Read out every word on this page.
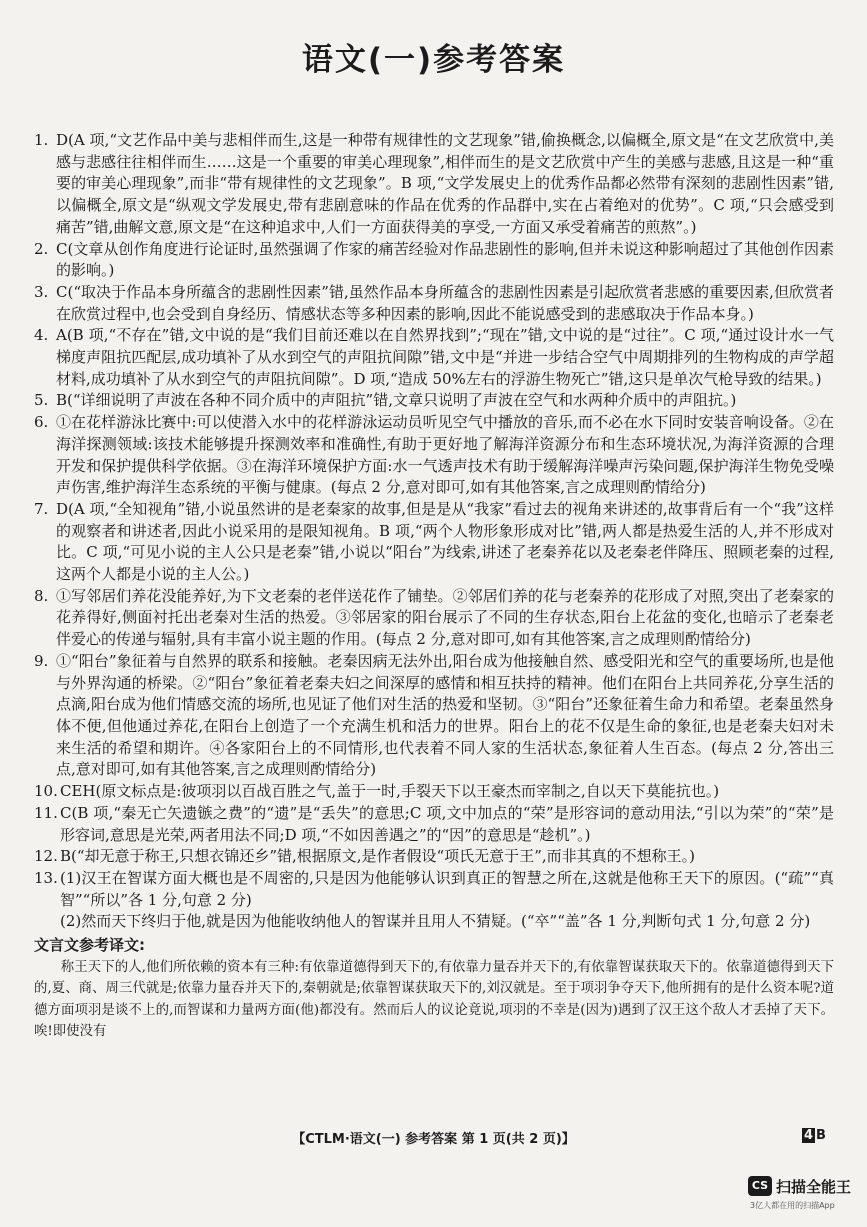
语文(一)参考答案
1. D(A 项,“文艺作品中美与悲相伴而生,这是一种带有规律性的文艺现象”错,偷换概念,以偏概全,原文是“在文艺欣赏中,美感与悲感往往相伴而生……这是一个重要的审美心理现象”,相伴而生的是文艺欣赏中产生的美感与悲感,且这是一种“重要的审美心理现象”,而非“带有规律性的文艺现象”。B 项,“文学发展史上的优秀作品都必然带有深刻的悲剧性因素”错,以偏概全,原文是“纵观文学发展史,带有悲剧意味的作品在优秀的作品群中,实在占着绝对的优势”。C 项,“只会感受到痛苦”错,曲解文意,原文是“在这种追求中,人们一方面获得美的享受,一方面又承受着痛苦的煎熬”。)

2. C(文章从创作角度进行论证时,虽然强调了作家的痛苦经验对作品悲剧性的影响,但并未说这种影响超过了其他创作因素的影响。)

3. C(“取决于作品本身所蕴含的悲剧性因素”错,虽然作品本身所蕴含的悲剧性因素是引起欣赏者悲感的重要因素,但欣赏者在欣赏过程中,也会受到自身经历、情感状态等多种因素的影响,因此不能说感受到的悲感取决于作品本身。)

4. A(B 项,“不存在”错,文中说的是“我们目前还难以在自然界找到”;“现在”错,文中说的是“过往”。C 项,“通过设计水一气梯度声阻抗匹配层,成功填补了从水到空气的声阻抗间隙”错,文中是“并进一步结合空气中周期排列的生物构成的声学超材料,成功填补了从水到空气的声阻抗间隙”。D 项,“造成 50%左右的浮游生物死亡”错,这只是单次气枪导致的结果。)

5. B(“详细说明了声波在各种不同介质中的声阻抗”错,文章只说明了声波在空气和水两种介质中的声阻抗。)

6. ①在花样游泳比赛中:可以使潜入水中的花样游泳运动员听见空气中播放的音乐,而不必在水下同时安装音响设备。②在海洋探测领域:该技术能够提升探测效率和准确性,有助于更好地了解海洋资源分布和生态环境状况,为海洋资源的合理开发和保护提供科学依据。③在海洋环境保护方面:水一气透声技术有助于缓解海洋噪声污染问题,保护海洋生物免受噪声伤害,维护海洋生态系统的平衡与健康。(每点 2 分,意对即可,如有其他答案,言之成理则酌情给分)

7. D(A 项,“全知视角”错,小说虽然讲的是老秦家的故事,但是是从“我家”看过去的视角来讲述的,故事背后有一个“我”这样的观察者和讲述者,因此小说采用的是限知视角。B 项,“两个人物形象形成对比”错,两人都是热爱生活的人,并不形成对比。C 项,“可见小说的主人公只是老秦”错,小说以“阳台”为线索,讲述了老秦养花以及老秦老伴降压、照顾老秦的过程,这两个人都是小说的主人公。)

8. ①写邻居们养花没能养好,为下文老秦的老伴送花作了铺垫。②邻居们养的花与老秦养的花形成了对照,突出了老秦家的花养得好,侧面衬托出老秦对生活的热爱。③邻居家的阳台展示了不同的生存状态,阳台上花盆的变化,也暗示了老秦老伴爱心的传递与辐射,具有丰富小说主题的作用。(每点 2 分,意对即可,如有其他答案,言之成理则酌情给分)

9. ①“阳台”象征着与自然界的联系和接触。老秦因病无法外出,阳台成为他接触自然、感受阳光和空气的重要场所,也是他与外界沟通的桥梁。②“阳台”象征着老秦夫妇之间深厚的感情和相互扶持的精神。他们在阳台上共同养花,分享生活的点滴,阳台成为他们情感交流的场所,也见证了他们对生活的热爱和坚韧。③“阳台”还象征着生命力和希望。老秦虽然身体不便,但他通过养花,在阳台上创造了一个充满生机和活力的世界。阳台上的花不仅是生命的象征,也是老秦夫妇对未来生活的希望和期许。④各家阳台上的不同情形,也代表着不同人家的生活状态,象征着人生百态。(每点 2 分,答出三点,意对即可,如有其他答案,言之成理则酌情给分)

10. CEH(原文标点是:彼项羽以百战百胜之气,盖于一时,手裂天下以王豪杰而宰制之,自以天下莫能抗也。)

11. C(B 项,“秦无亡矢遗镞之费”的“遗”是“丢失”的意思;C 项,文中加点的“荣”是形容词的意动用法,“引以为荣”的“荣”是形容词,意思是光荣,两者用法不同;D 项,“不如因善遇之”的“因”的意思是“趁机”。)

12. B(“却无意于称王,只想衣锦还乡”错,根据原文,是作者假设“项氏无意于王”,而非其真的不想称王。)

13. (1)汉王在智谋方面大概也是不周密的,只是因为他能够认识到真正的智慧之所在,这就是他称王天下的原因。(“疏”“真智”“所以”各 1 分,句意 2 分)

(2)然而天下终归于他,就是因为他能收纳他人的智谋并且用人不猜疑。(“卒”“盖”各 1 分,判断句式 1 分,句意 2 分)

文言文参考译文:

称王天下的人,他们所依赖的资本有三种:有依靠道德得到天下的,有依靠力量吞并天下的,有依靠智谋获取天下的。依靠道德得到天下的,夏、商、周三代就是;依靠力量吞并天下的,秦朝就是;依靠智谋获取天下的,刘汉就是。至于项羽争夺天下,他所拥有的是什么资本呢?道德方面项羽是谈不上的,而智谋和力量两方面(他)都没有。然而后人的议论竟说,项羽的不幸是(因为)遇到了汉王这个敌人才丢掉了天下。唉!即使没有

【CTLM·语文(一) 参考答案 第 1 页(共 2 页)】	4 B
CS 扫描全能王
3亿人都在用的扫描App
